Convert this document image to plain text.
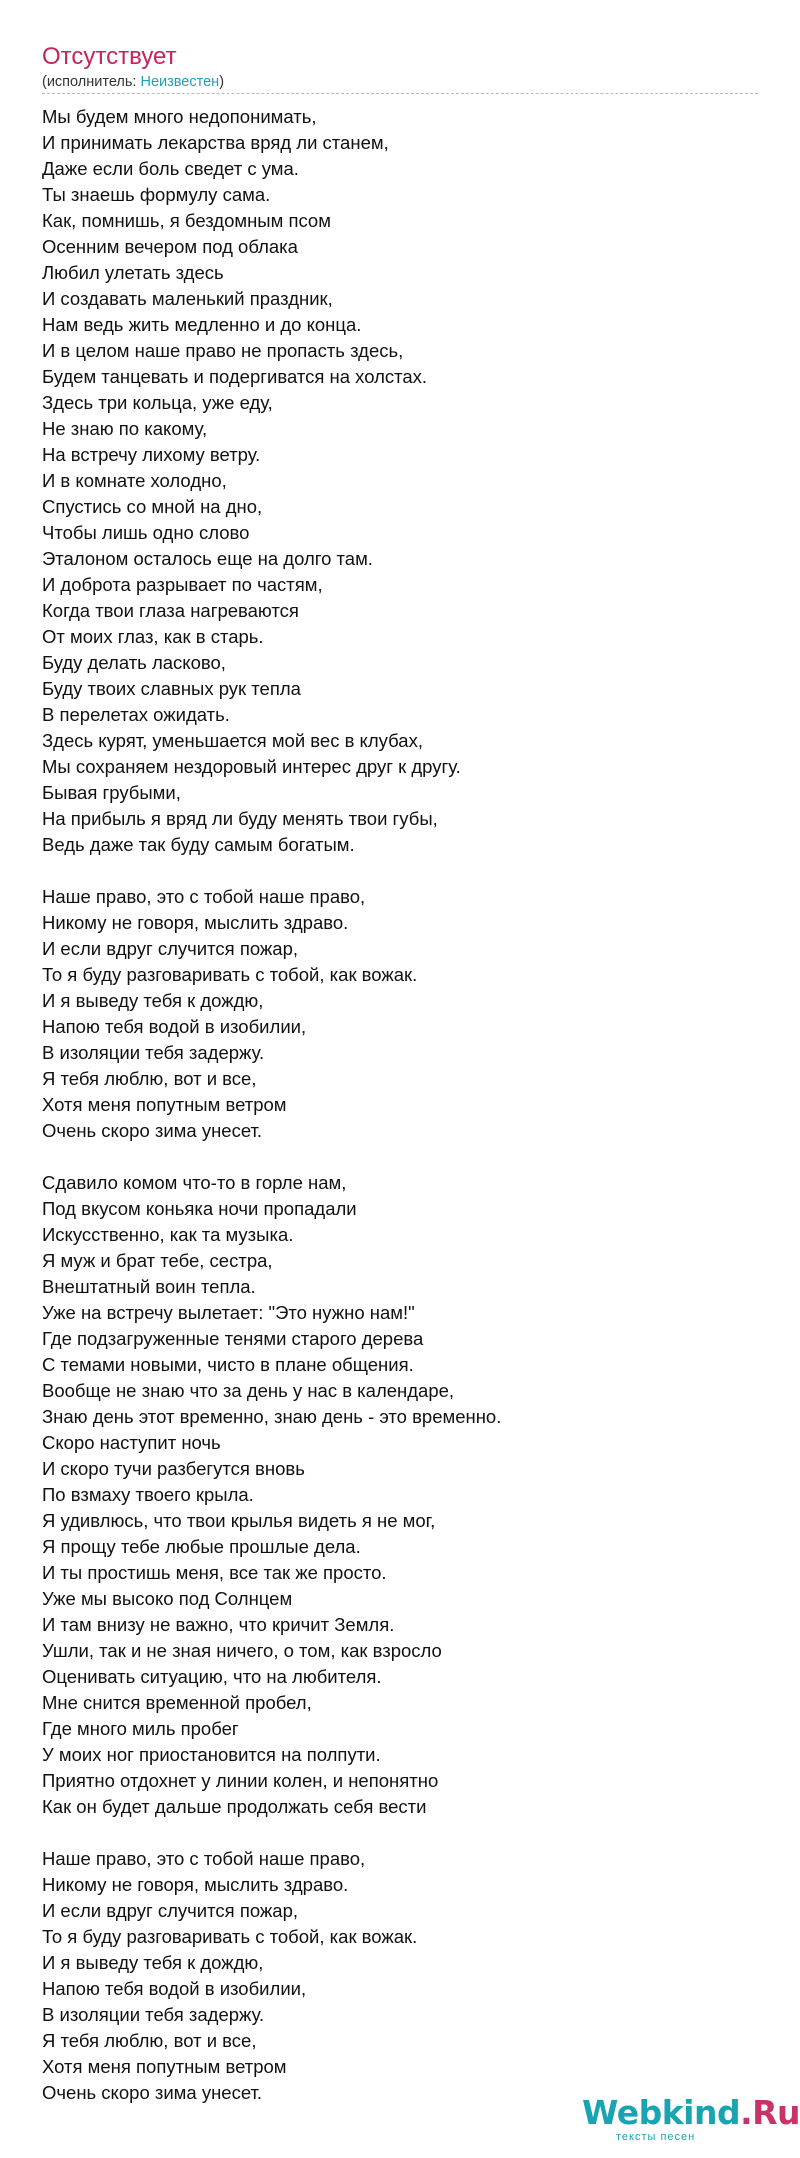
Отсутствует
(исполнитель: Неизвестен)
Мы будем много недопонимать,
И принимать лекарства вряд ли станем,
Даже если боль сведет с ума.
Ты знаешь формулу сама.
Как, помнишь, я бездомным псом
Осенним вечером под облака
Любил улетать здесь
И создавать маленький праздник,
Нам ведь жить медленно и до конца.
И в целом наше право не пропасть здесь,
Будем танцевать и подергиватся на холстах.
Здесь три кольца, уже еду,
Не знаю по какому,
На встречу лихому ветру.
И в комнате холодно,
Спустись со мной на дно,
Чтобы лишь одно слово
Эталоном осталось еще на долго там.
И доброта разрывает по частям,
Когда твои глаза нагреваются
От моих глаз, как в старь.
Буду делать ласково,
Буду твоих славных рук тепла
В перелетах ожидать.
Здесь курят, уменьшается мой вес в клубах,
Мы сохраняем нездоровый интерес друг к другу.
Бывая грубыми,
На прибыль я вряд ли буду менять твои губы,
Ведь даже так буду самым богатым.
Наше право, это с тобой наше право,
Никому не говоря, мыслить здраво.
И если вдруг случится пожар,
То я буду разговаривать с тобой, как вожак.
И я выведу тебя к дождю,
Напою тебя водой в изобилии,
В изоляции тебя задержу.
Я тебя люблю, вот и все,
Хотя меня попутным ветром
Очень скоро зима унесет.
Сдавило комом что-то в горле нам,
Под вкусом коньяка ночи пропадали
Искусственно, как та музыка.
Я муж и брат тебе, сестра,
Внештатный воин тепла.
Уже на встречу вылетает: "Это нужно нам!"
Где подзагруженные тенями старого дерева
С темами новыми, чисто в плане общения.
Вообще не знаю что за день у нас в календаре,
Знаю день этот временно, знаю день - это временно.
Скоро наступит ночь
И скоро тучи разбегутся вновь
По взмаху твоего крыла.
Я удивлюсь, что твои крылья видеть я не мог,
Я прощу тебе любые прошлые дела.
И ты простишь меня, все так же просто.
Уже мы высоко под Солнцем
И там внизу не важно, что кричит Земля.
Ушли, так и не зная ничего, о том, как взросло
Оценивать ситуацию, что на любителя.
Мне снится временной пробел,
Где много миль пробег
У моих ног приостановится на полпути.
Приятно отдохнет у линии колен, и непонятно
Как он будет дальше продолжать себя вести
Наше право, это с тобой наше право,
Никому не говоря, мыслить здраво.
И если вдруг случится пожар,
То я буду разговаривать с тобой, как вожак.
И я выведу тебя к дождю,
Напою тебя водой в изобилии,
В изоляции тебя задержу.
Я тебя люблю, вот и все,
Хотя меня попутным ветром
Очень скоро зима унесет.
Webkind.Ru
тексты песен
